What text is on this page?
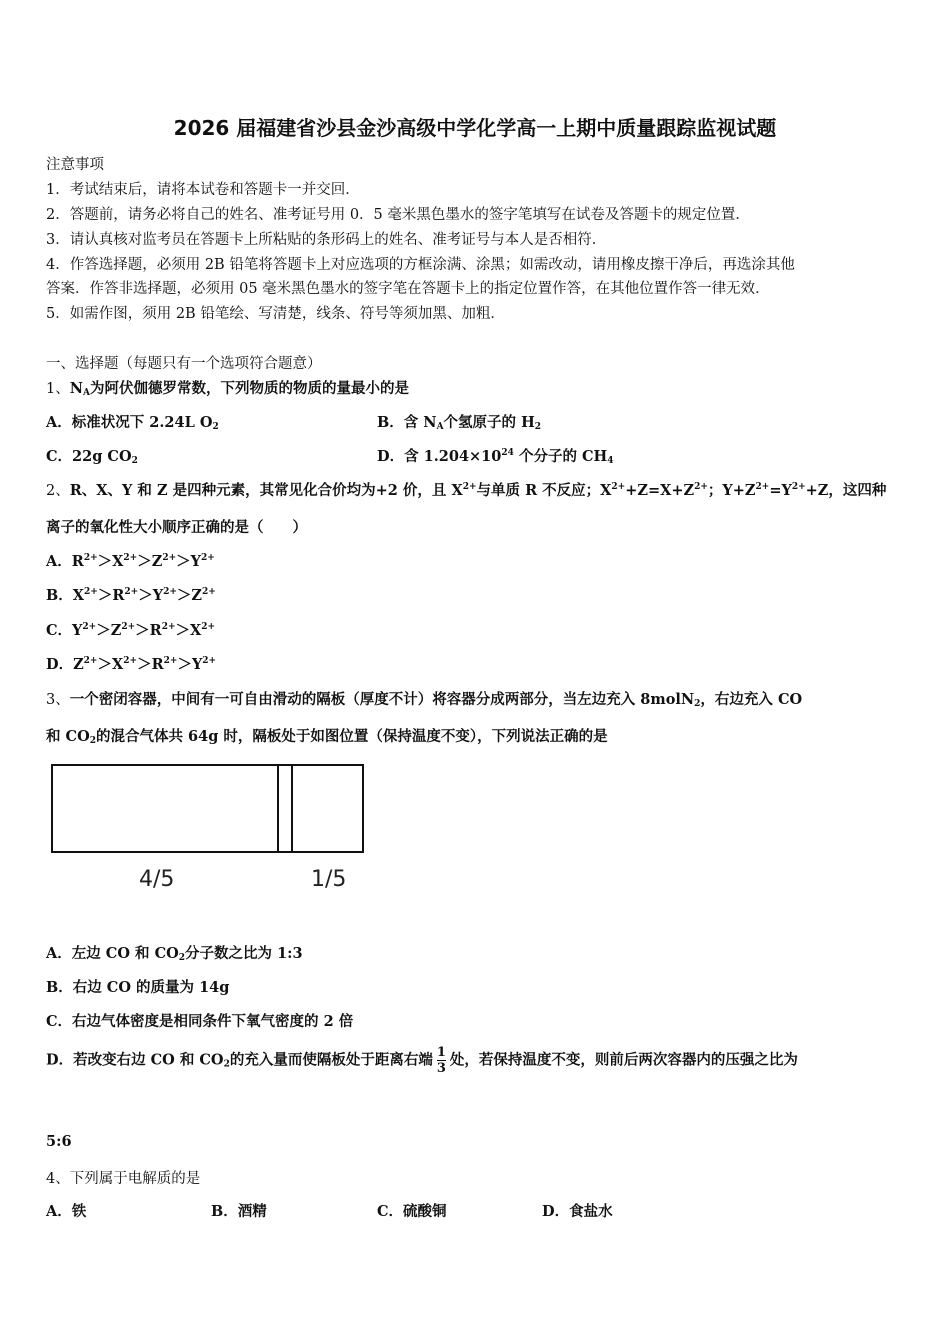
2026 届福建省沙县金沙高级中学化学高一上期中质量跟踪监视试题
注意事项
1．考试结束后，请将本试卷和答题卡一并交回．
2．答题前，请务必将自己的姓名、准考证号用 0．5 毫米黑色墨水的签字笔填写在试卷及答题卡的规定位置．
3．请认真核对监考员在答题卡上所粘贴的条形码上的姓名、准考证号与本人是否相符．
4．作答选择题，必须用 2B 铅笔将答题卡上对应选项的方框涂满、涂黑；如需改动，请用橡皮擦干净后，再选涂其他
答案．作答非选择题，必须用 05 毫米黑色墨水的签字笔在答题卡上的指定位置作答，在其他位置作答一律无效．
5．如需作图，须用 2B 铅笔绘、写清楚，线条、符号等须加黑、加粗．
一、选择题（每题只有一个选项符合题意）
1、$N_A$为阿伏伽德罗常数，下列物质的物质的量最小的是
A．标准状况下 2.24L $O_2$	B．含 $N_A$个氢原子的 $H_2$
C．22g $CO_2$	D．含 $1.204\times 10^{24}$ 个分子的 $CH_4$
2、R、X、Y 和 Z 是四种元素，其常见化合价均为+2 价，且 $X^{2+}$与单质 R 不反应；$X^{2+}+Z=X+Z^{2+}$；$Y+Z^{2+}=Y^{2+}+Z$，这四种
离子的氧化性大小顺序正确的是（　　）
A．$R^{2+}>X^{2+}>Z^{2+}>Y^{2+}$
B．$X^{2+}>R^{2+}>Y^{2+}>Z^{2+}$
C．$Y^{2+}>Z^{2+}>R^{2+}>X^{2+}$
D．$Z^{2+}>X^{2+}>R^{2+}>Y^{2+}$
3、一个密闭容器，中间有一可自由滑动的隔板（厚度不计）将容器分成两部分，当左边充入 8molN$_2$，右边充入 CO
和 $CO_2$的混合气体共 64g 时，隔板处于如图位置（保持温度不变），下列说法正确的是
4/5	1/5
A．左边 CO 和 $CO_2$分子数之比为 1:3
B．右边 CO 的质量为 14g
C．右边气体密度是相同条件下氧气密度的 2 倍
D．若改变右边 CO 和 $CO_2$的充入量而使隔板处于距离右端 $\frac{1}{3}$ 处，若保持温度不变，则前后两次容器内的压强之比为
5:6
4、下列属于电解质的是
A．铁	B．酒精	C．硫酸铜	D．食盐水
